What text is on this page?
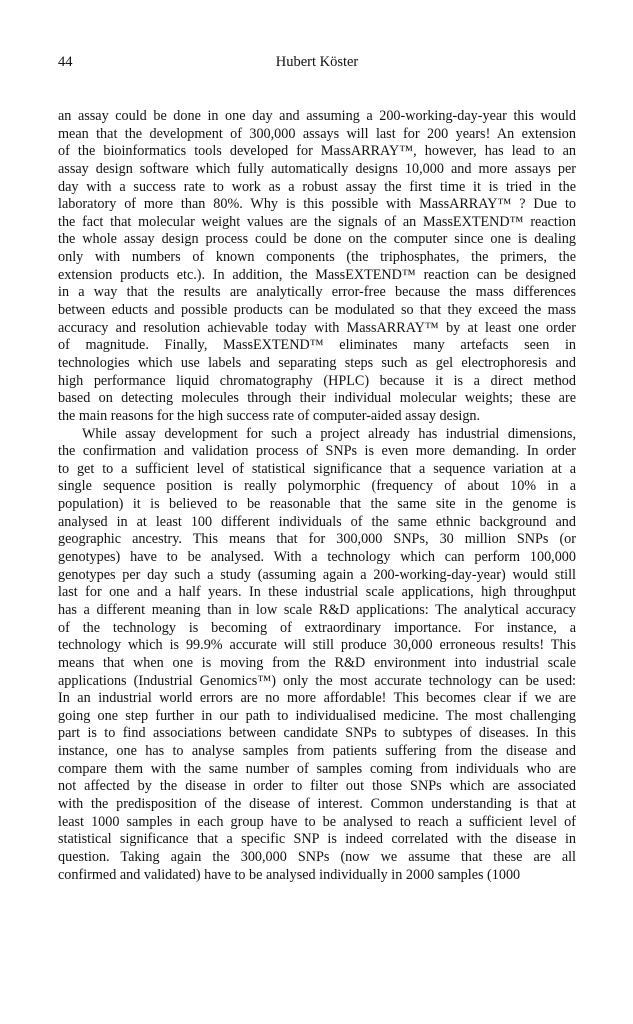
44	Hubert Köster
an assay could be done in one day and assuming a 200-working-day-year this would
mean that the development of 300,000 assays will last for 200 years! An extension
of the bioinformatics tools developed for MassARRAY™, however, has lead to an
assay design software which fully automatically designs 10,000 and more assays per
day with a success rate to work as a robust assay the first time it is tried in the
laboratory of more than 80%. Why is this possible with MassARRAY™ ? Due to
the fact that molecular weight values are the signals of an MassEXTEND™ reaction
the whole assay design process could be done on the computer since one is dealing
only with numbers of known components (the triphosphates, the primers, the
extension products etc.). In addition, the MassEXTEND™ reaction can be designed
in a way that the results are analytically error-free because the mass differences
between educts and possible products can be modulated so that they exceed the mass
accuracy and resolution achievable today with MassARRAY™ by at least one order
of magnitude. Finally, MassEXTEND™ eliminates many artefacts seen in
technologies which use labels and separating steps such as gel electrophoresis and
high performance liquid chromatography (HPLC) because it is a direct method
based on detecting molecules through their individual molecular weights; these are
the main reasons for the high success rate of computer-aided assay design.
While assay development for such a project already has industrial dimensions,
the confirmation and validation process of SNPs is even more demanding. In order
to get to a sufficient level of statistical significance that a sequence variation at a
single sequence position is really polymorphic (frequency of about 10% in a
population) it is believed to be reasonable that the same site in the genome is
analysed in at least 100 different individuals of the same ethnic background and
geographic ancestry. This means that for 300,000 SNPs, 30 million SNPs (or
genotypes) have to be analysed. With a technology which can perform 100,000
genotypes per day such a study (assuming again a 200-working-day-year) would still
last for one and a half years. In these industrial scale applications, high throughput
has a different meaning than in low scale R&D applications: The analytical accuracy
of the technology is becoming of extraordinary importance. For instance, a
technology which is 99.9% accurate will still produce 30,000 erroneous results! This
means that when one is moving from the R&D environment into industrial scale
applications (Industrial Genomics™) only the most accurate technology can be used:
In an industrial world errors are no more affordable! This becomes clear if we are
going one step further in our path to individualised medicine. The most challenging
part is to find associations between candidate SNPs to subtypes of diseases. In this
instance, one has to analyse samples from patients suffering from the disease and
compare them with the same number of samples coming from individuals who are
not affected by the disease in order to filter out those SNPs which are associated
with the predisposition of the disease of interest. Common understanding is that at
least 1000 samples in each group have to be analysed to reach a sufficient level of
statistical significance that a specific SNP is indeed correlated with the disease in
question. Taking again the 300,000 SNPs (now we assume that these are all
confirmed and validated) have to be analysed individually in 2000 samples (1000
